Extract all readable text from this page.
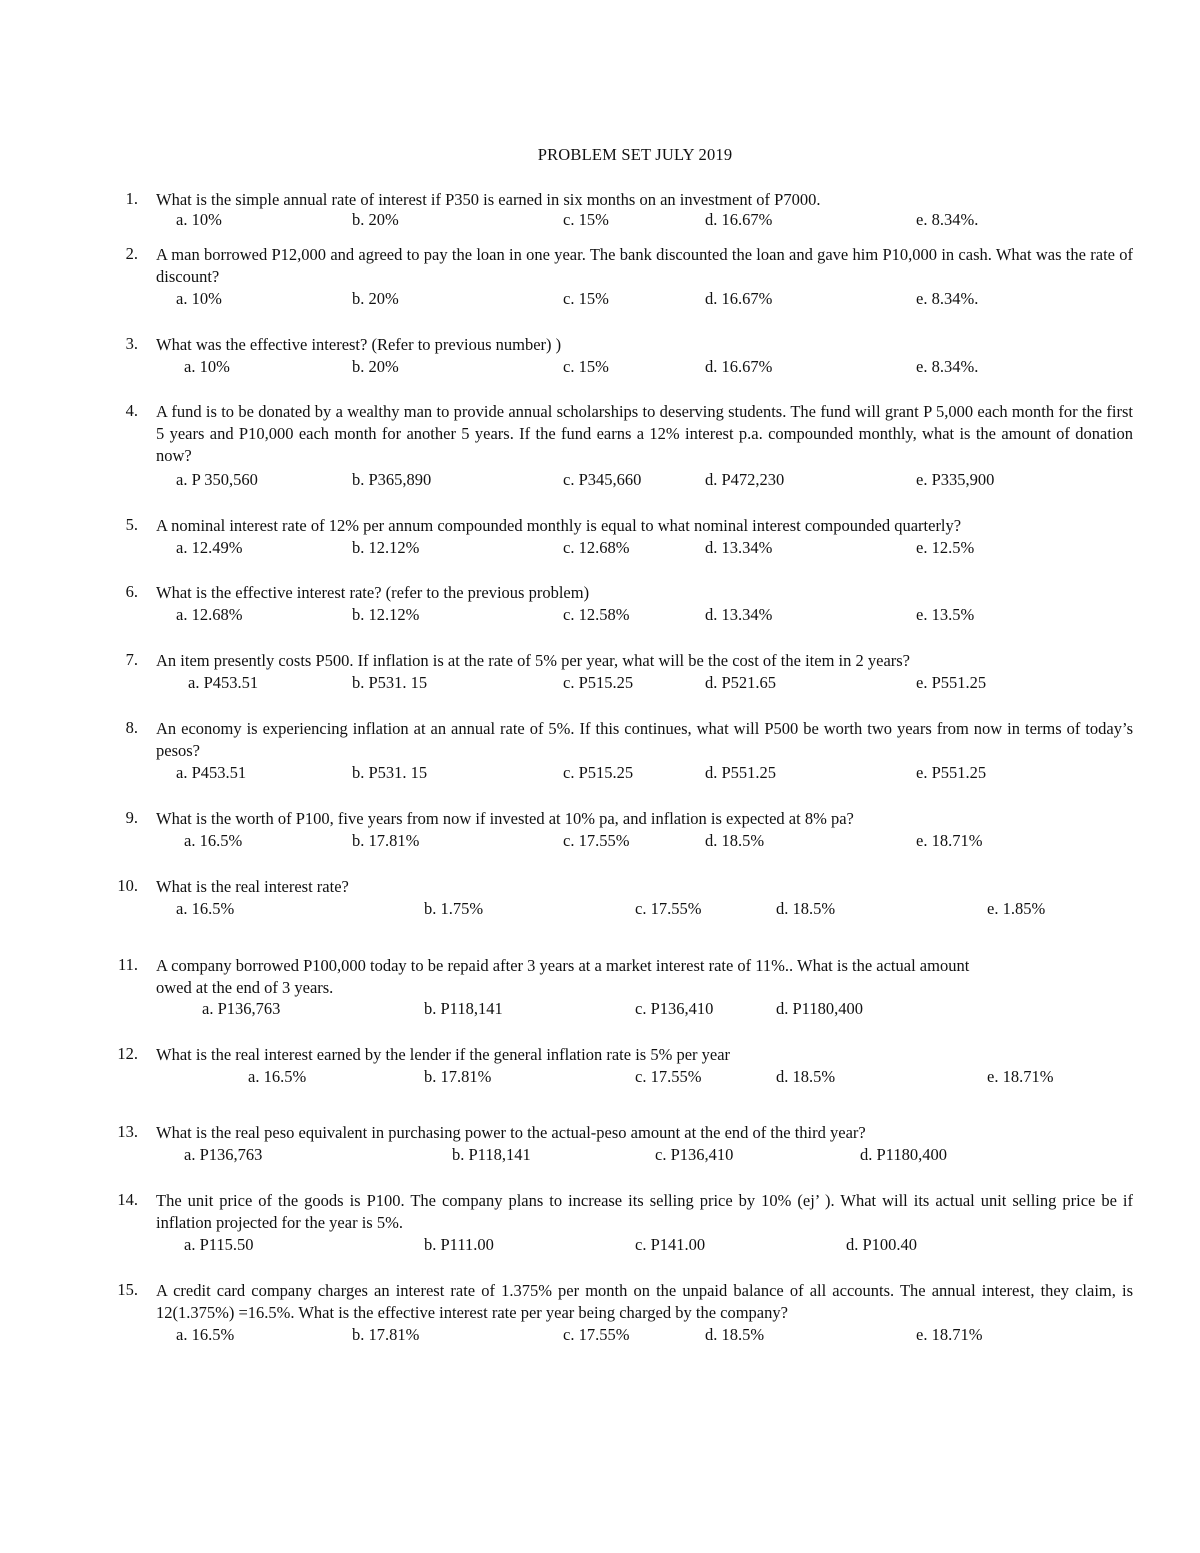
PROBLEM SET JULY 2019
1. What is the simple annual rate of interest if P350 is earned in six months on an investment of P7000.
a. 10%	b. 20%	c. 15%	d. 16.67%	e. 8.34%.
2. A man borrowed P12,000 and agreed to pay the loan in one year. The bank discounted the loan and gave him P10,000 in cash. What was the rate of discount?
a. 10%	b. 20%	c. 15%	d. 16.67%	e. 8.34%.
3. What was the effective interest? (Refer to previous number) )
a. 10%	b. 20%	c. 15%	d. 16.67%	e. 8.34%.
4. A fund is to be donated by a wealthy man to provide annual scholarships to deserving students. The fund will grant P 5,000 each month for the first 5 years and P10,000 each month for another 5 years. If the fund earns a 12% interest p.a. compounded monthly, what is the amount of donation now?
a. P 350,560	b. P365,890	c. P345,660	d. P472,230	e. P335,900
5. A nominal interest rate of 12% per annum compounded monthly is equal to what nominal interest compounded quarterly?
a. 12.49%	b. 12.12%	c. 12.68%	d. 13.34%	e. 12.5%
6. What is the effective interest rate? (refer to the previous problem)
a. 12.68%	b. 12.12%	c. 12.58%	d. 13.34%	e. 13.5%
7. An item presently costs P500. If inflation is at the rate of 5% per year, what will be the cost of the item in 2 years?
a. P453.51	b. P531. 15	c. P515.25	d. P521.65	e. P551.25
8. An economy is experiencing inflation at an annual rate of 5%. If this continues, what will P500 be worth two years from now in terms of today’s pesos?
a. P453.51	b. P531. 15	c. P515.25	d. P551.25	e. P551.25
9. What is the worth of P100, five years from now if invested at 10% pa, and inflation is expected at 8% pa?
a. 16.5%	b. 17.81%	c. 17.55%	d. 18.5%	e. 18.71%
10. What is the real interest rate?
a. 16.5%	b. 1.75%	c. 17.55%	d. 18.5%	e. 1.85%
11. A company borrowed P100,000 today to be repaid after 3 years at a market interest rate of 11%.. What is the actual amount owed at the end of 3 years.
a. P136,763	b. P118,141	c. P136,410	d. P1180,400
12. What is the real interest earned by the lender if the general inflation rate is 5% per year
a. 16.5%	b. 17.81%	c. 17.55%	d. 18.5%	e. 18.71%
13. What is the real peso equivalent in purchasing power to the actual-peso amount at the end of the third year?
a. P136,763	b. P118,141	c. P136,410	d. P1180,400
14. The unit price of the goods is P100. The company plans to increase its selling price by 10% (ej’ ). What will its actual unit selling price be if inflation projected for the year is 5%.
a. P115.50	b. P111.00	c. P141.00	d. P100.40
15. A credit card company charges an interest rate of 1.375% per month on the unpaid balance of all accounts. The annual interest, they claim, is 12(1.375%) =16.5%. What is the effective interest rate per year being charged by the company?
a. 16.5%	b. 17.81%	c. 17.55%	d. 18.5%	e. 18.71%
